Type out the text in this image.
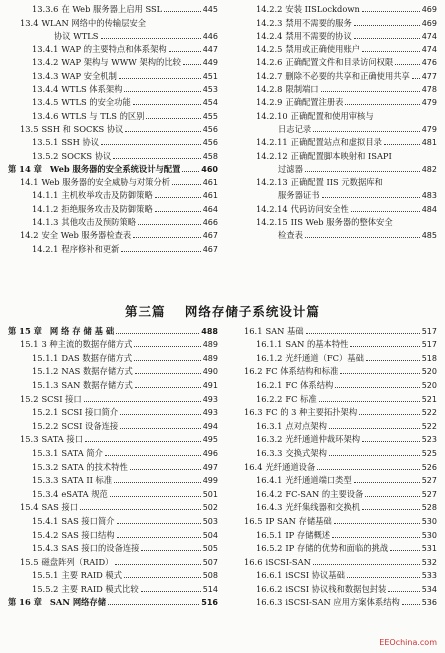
13.3.6 在 Web 服务器上启用 SSL	445
13.4 WLAN 网络中的传输层安全
协议 WTLS	446
13.4.1 WAP 的主要特点和体系架构	447
13.4.2 WAP 架构与 WWW 架构的比较	449
13.4.3 WAP 安全机制	451
13.4.4 WTLS 体系架构	453
13.4.5 WTLS 的安全功能	454
13.4.6 WTLS 与 TLS 的区别	455
13.5 SSH 和 SOCKS 协议	456
13.5.1 SSH 协议	456
13.5.2 SOCKS 协议	458
第 14 章 Web 服务器的安全系统设计与配置	460
14.1 Web 服务器的安全威胁与对策分析	461
14.1.1 主机枚举攻击及防御策略	461
14.1.2 拒绝服务攻击及防御策略	464
14.1.3 其他攻击及预防策略	466
14.2 安全 Web 服务器检查表	467
14.2.1 程序修补和更新	467
14.2.2 安装 IISLockdown	469
14.2.3 禁用不需要的服务	469
14.2.4 禁用不需要的协议	474
14.2.5 禁用或正确使用账户	474
14.2.6 正确配置文件和目录访问权限	476
14.2.7 删除不必要的共享和正确使用共享 477
14.2.8 限制端口	478
14.2.9 正确配置注册表	479
14.2.10 正确配置和使用审核与
日志记录	479
14.2.11 正确配置站点和虚拟目录	481
14.2.12 正确配置脚本映射和 ISAPI
过滤器	482
14.2.13 正确配置 IIS 元数据库和
服务器证书	483
14.2.14 代码访问安全性	484
14.2.15 IIS Web 服务器的整体安全
检查表	485
第三篇 网络存储子系统设计篇
第 15 章 网 络 存 储 基 础	488
15.1 3 种主流的数据存储方式	489
15.1.1 DAS 数据存储方式	489
15.1.2 NAS 数据存储方式	490
15.1.3 SAN 数据存储方式	491
15.2 SCSI 接口	493
15.2.1 SCSI 接口简介	493
15.2.2 SCSI 设备连接	494
15.3 SATA 接口	495
15.3.1 SATA 简介	496
15.3.2 SATA 的技术特性	497
15.3.3 SATA II 标准	499
15.3.4 eSATA 规范	501
15.4 SAS 接口	502
15.4.1 SAS 接口简介	503
15.4.2 SAS 接口结构	504
15.4.3 SAS 接口的设备连接	505
15.5 磁盘阵列（RAID）	507
15.5.1 主要 RAID 模式	508
15.5.2 主要 RAID 模式比较	514
第 16 章 SAN 网络存储	516
16.1 SAN 基础	517
16.1.1 SAN 的基本特性	517
16.1.2 光纤通道（FC）基础	518
16.2 FC 体系结构和标准	520
16.2.1 FC 体系结构	520
16.2.2 FC 标准	521
16.3 FC 的 3 种主要拓扑架构	522
16.3.1 点对点架构	522
16.3.2 光纤通道仲裁环架构	523
16.3.3 交换式架构	525
16.4 光纤通道设备	526
16.4.1 光纤通道端口类型	527
16.4.2 FC-SAN 的主要设备	527
16.4.3 光纤集线器和交换机	528
16.5 IP SAN 存储基础	530
16.5.1 IP 存储概述	530
16.5.2 IP 存储的优势和面临的挑战	531
16.6 iSCSI-SAN	532
16.6.1 iSCSI 协议基础	533
16.6.2 iSCSI 协议栈和数据包封装	534
16.6.3 iSCSI-SAN 应用方案体系结构	536
EEOchina.com
